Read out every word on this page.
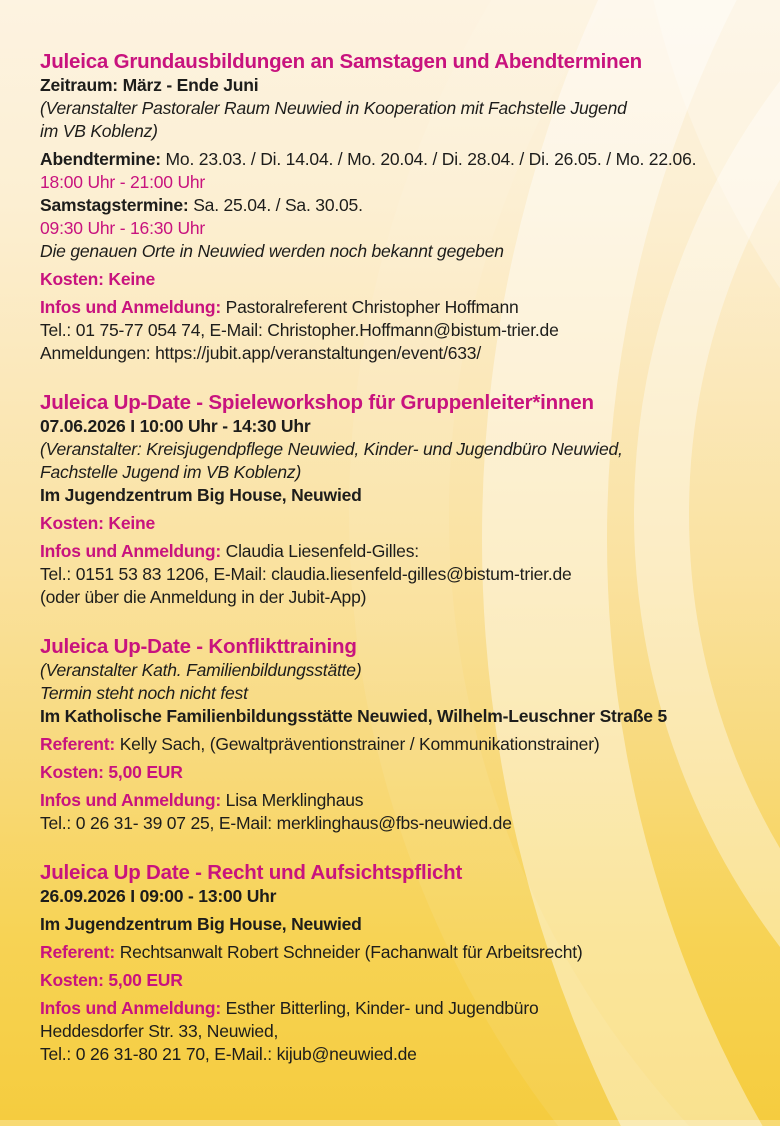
Juleica Grundausbildungen an Samstagen und Abendterminen
Zeitraum: März - Ende Juni
(Veranstalter Pastoraler Raum Neuwied in Kooperation mit Fachstelle Jugend
im VB Koblenz)
Abendtermine: Mo. 23.03. / Di. 14.04. / Mo. 20.04. / Di. 28.04. / Di. 26.05. / Mo. 22.06.
18:00 Uhr - 21:00 Uhr
Samstagstermine: Sa. 25.04. / Sa. 30.05.
09:30 Uhr - 16:30 Uhr
Die genauen Orte in Neuwied werden noch bekannt gegeben
Kosten: Keine
Infos und Anmeldung: Pastoralreferent Christopher Hoffmann
Tel.: 01 75-77 054 74, E-Mail: Christopher.Hoffmann@bistum-trier.de
Anmeldungen: https://jubit.app/veranstaltungen/event/633/
Juleica Up-Date - Spieleworkshop für Gruppenleiter*innen
07.06.2026 I 10:00 Uhr - 14:30 Uhr
(Veranstalter: Kreisjugendpflege Neuwied, Kinder- und Jugendbüro Neuwied,
Fachstelle Jugend im VB Koblenz)
Im Jugendzentrum Big House, Neuwied
Kosten: Keine
Infos und Anmeldung: Claudia Liesenfeld-Gilles:
Tel.: 0151 53 83 1206, E-Mail: claudia.liesenfeld-gilles@bistum-trier.de
(oder über die Anmeldung in der Jubit-App)
Juleica Up-Date - Konflikttraining
(Veranstalter Kath. Familienbildungsstätte)
Termin steht noch nicht fest
Im Katholische Familienbildungsstätte Neuwied, Wilhelm-Leuschner Straße 5
Referent: Kelly Sach, (Gewaltpräventionstrainer / Kommunikationstrainer)
Kosten: 5,00 EUR
Infos und Anmeldung: Lisa Merklinghaus
Tel.: 0 26 31- 39 07 25, E-Mail: merklinghaus@fbs-neuwied.de
Juleica Up Date - Recht und Aufsichtspflicht
26.09.2026 I 09:00 - 13:00 Uhr
Im Jugendzentrum Big House, Neuwied
Referent: Rechtsanwalt Robert Schneider (Fachanwalt für Arbeitsrecht)
Kosten: 5,00 EUR
Infos und Anmeldung: Esther Bitterling, Kinder- und Jugendbüro
Heddesdorfer Str. 33, Neuwied,
Tel.: 0 26 31-80 21 70, E-Mail.: kijub@neuwied.de
